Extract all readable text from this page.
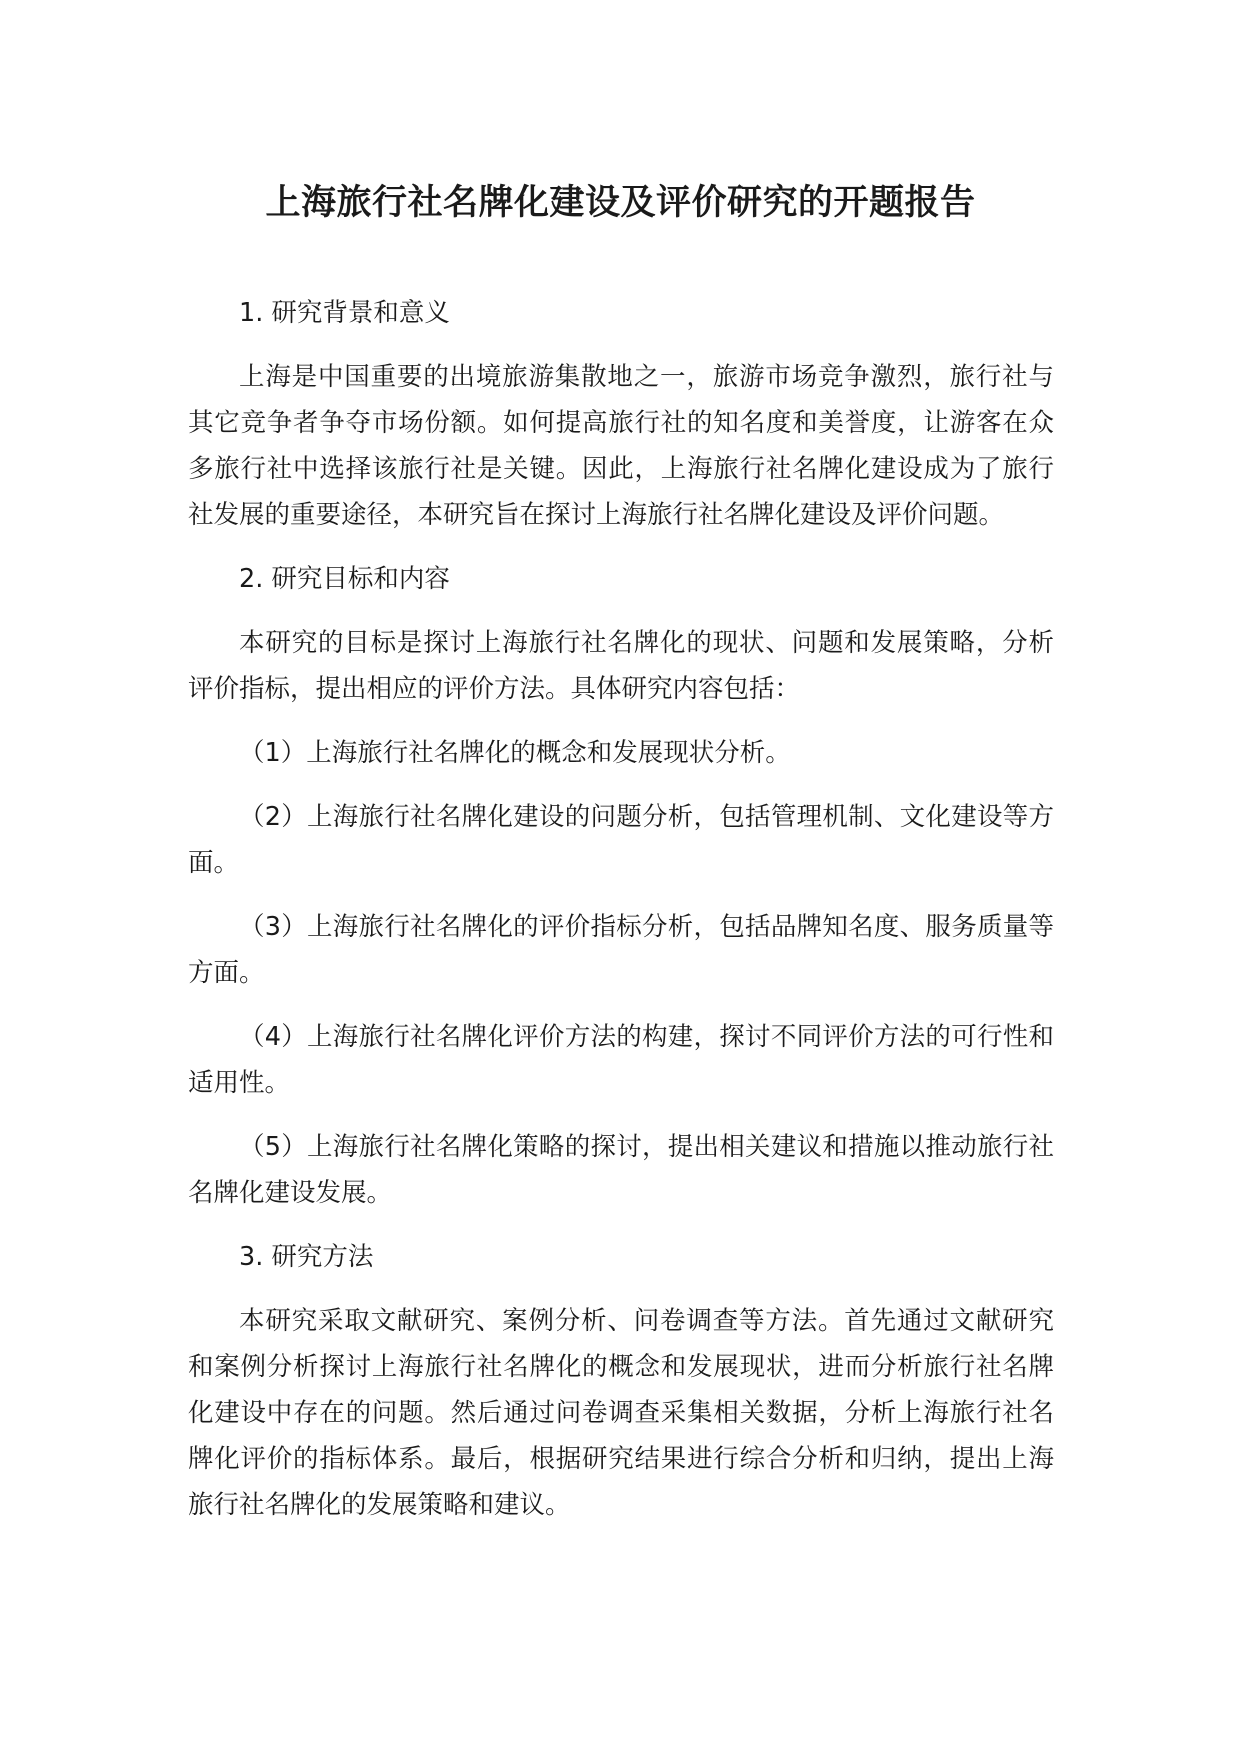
上海旅行社名牌化建设及评价研究的开题报告

1. 研究背景和意义

上海是中国重要的出境旅游集散地之一，旅游市场竞争激烈，旅行社与其它竞争者争夺市场份额。如何提高旅行社的知名度和美誉度，让游客在众多旅行社中选择该旅行社是关键。因此，上海旅行社名牌化建设成为了旅行社发展的重要途径，本研究旨在探讨上海旅行社名牌化建设及评价问题。

2. 研究目标和内容

本研究的目标是探讨上海旅行社名牌化的现状、问题和发展策略，分析评价指标，提出相应的评价方法。具体研究内容包括：

（1）上海旅行社名牌化的概念和发展现状分析。

（2）上海旅行社名牌化建设的问题分析，包括管理机制、文化建设等方面。

（3）上海旅行社名牌化的评价指标分析，包括品牌知名度、服务质量等方面。

（4）上海旅行社名牌化评价方法的构建，探讨不同评价方法的可行性和适用性。

（5）上海旅行社名牌化策略的探讨，提出相关建议和措施以推动旅行社名牌化建设发展。

3. 研究方法

本研究采取文献研究、案例分析、问卷调查等方法。首先通过文献研究和案例分析探讨上海旅行社名牌化的概念和发展现状，进而分析旅行社名牌化建设中存在的问题。然后通过问卷调查采集相关数据，分析上海旅行社名牌化评价的指标体系。最后，根据研究结果进行综合分析和归纳，提出上海旅行社名牌化的发展策略和建议。
